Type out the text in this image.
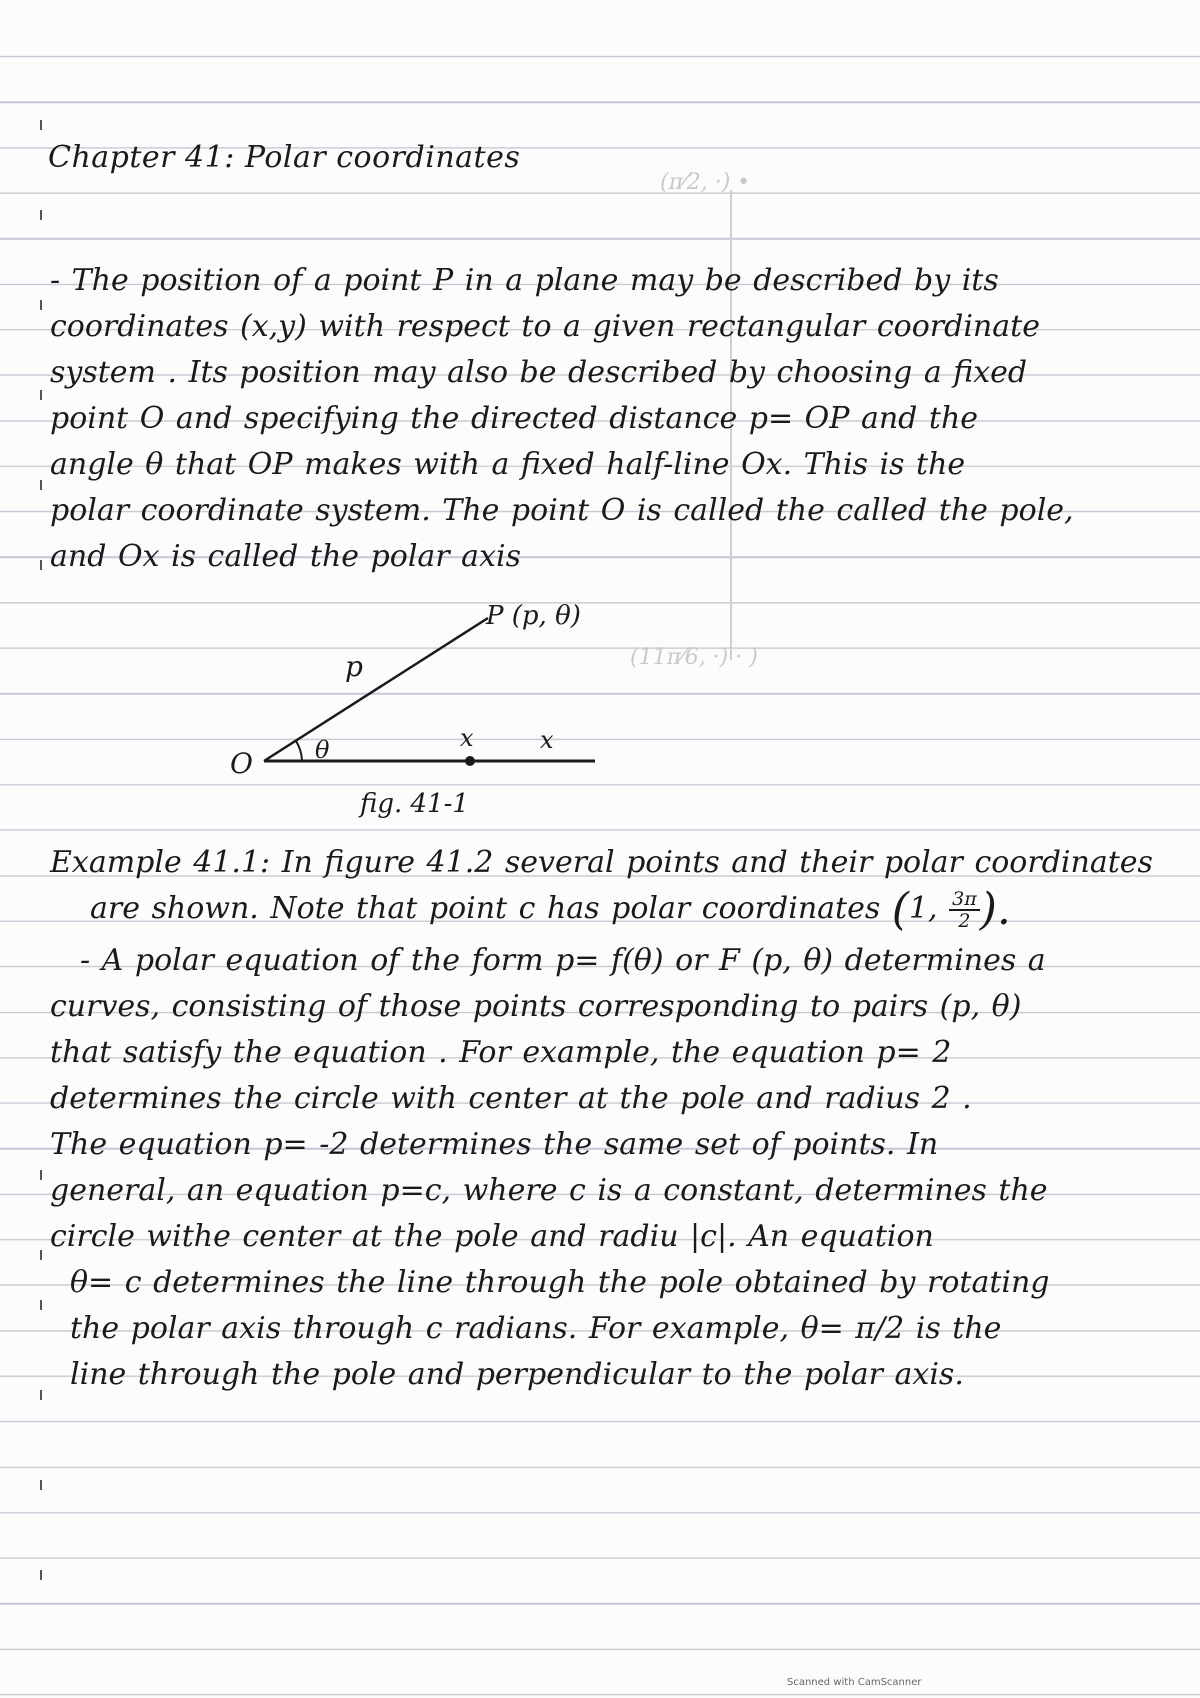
(π⁄2, ·) •
(11π⁄6, ·) · )
Chapter 41: Polar coordinates
- The position of a point P in a plane may be described by its
coordinates (x,y) with respect to a given rectangular coordinate
system . Its position may also be described by choosing a fixed
point O and specifying the directed distance p= OP and the
angle θ that OP makes with a fixed half-line Ox. This is the
polar coordinate system. The point O is called the called the pole,
and Ox is called the polar axis
O
P (p, θ)
p
θ	x	x
fig. 41-1
Example 41.1: In figure 41.2 several points and their polar coordinates
are shown. Note that point c has polar coordinates (1, $\frac{3\pi}{2}$ ).
- A polar equation of the form p= f(θ) or F (p, θ) determines a
curves, consisting of those points corresponding to pairs (p, θ)
that satisfy the equation . For example, the equation p= 2
determines the circle with center at the pole and radius 2 .
The equation p= -2 determines the same set of points. In
general, an equation p=c, where c is a constant, determines the
circle withe center at the pole and radiu |c|. An equation
θ= c determines the line through the pole obtained by rotating
the polar axis through c radians. For example, θ= π/2 is the
line through the pole and perpendicular to the polar axis.
Scanned with CamScanner
